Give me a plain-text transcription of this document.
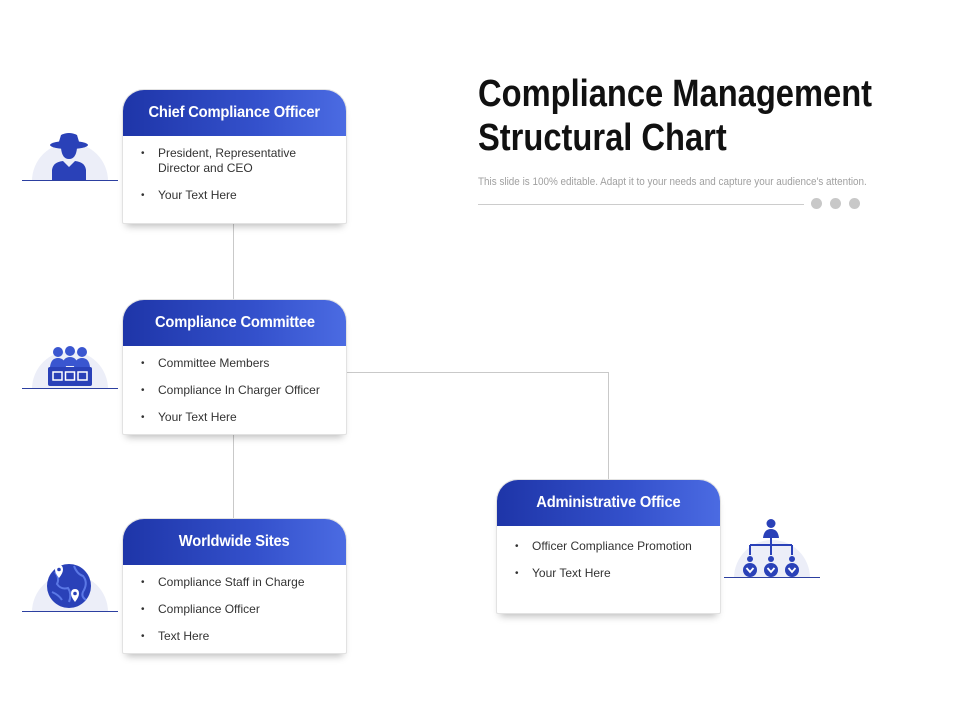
Compliance Management Structural Chart
This slide is 100% editable. Adapt it to your needs and capture your audience's attention.
Chief Compliance Officer
• President, Representative Director and CEO
• Your Text Here
Compliance Committee
• Committee Members
• Compliance In Charger Officer
• Your Text Here
Worldwide Sites
• Compliance Staff in Charge
• Compliance Officer
• Text Here
Administrative Office
• Officer Compliance Promotion
• Your Text Here
